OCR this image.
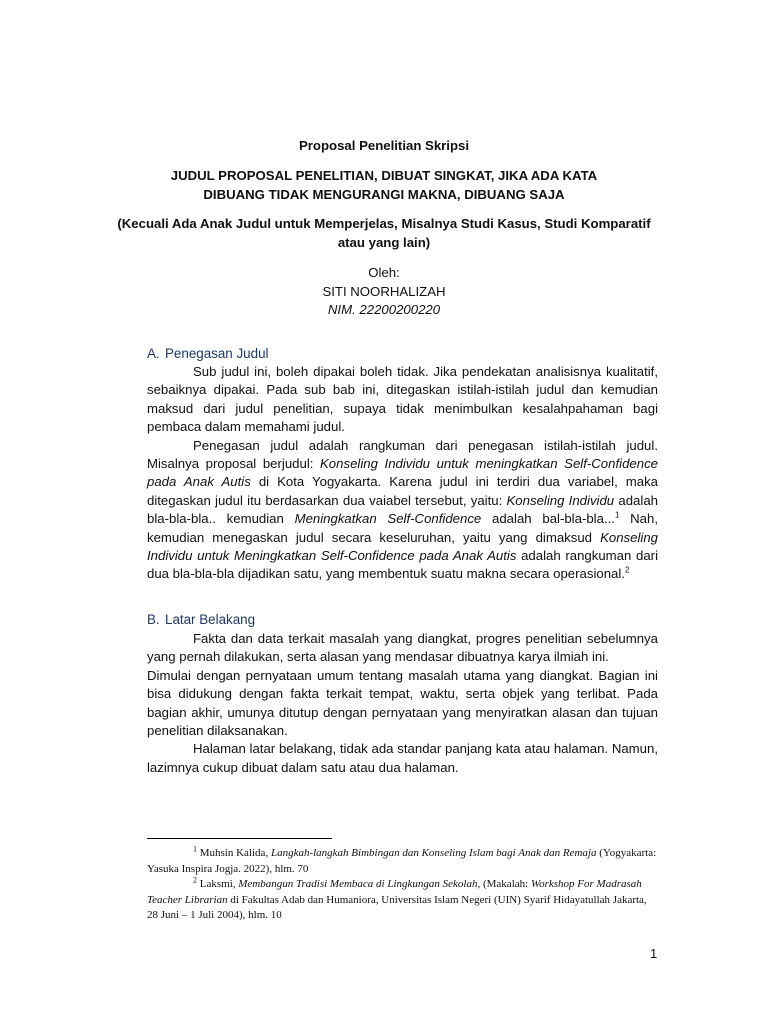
Proposal Penelitian Skripsi
JUDUL PROPOSAL PENELITIAN, DIBUAT SINGKAT, JIKA ADA KATA DIBUANG TIDAK MENGURANGI MAKNA, DIBUANG SAJA
(Kecuali Ada Anak Judul untuk Memperjelas, Misalnya Studi Kasus, Studi Komparatif atau yang lain)
Oleh:
SITI NOORHALIZAH
NIM. 22200200220
A. Penegasan Judul

Sub judul ini, boleh dipakai boleh tidak. Jika pendekatan analisisnya kualitatif, sebaiknya dipakai. Pada sub bab ini, ditegaskan istilah-istilah judul dan kemudian maksud dari judul penelitian, supaya tidak menimbulkan kesalahpahaman bagi pembaca dalam memahami judul.

Penegasan judul adalah rangkuman dari penegasan istilah-istilah judul. Misalnya proposal berjudul: Konseling Individu untuk meningkatkan Self-Confidence pada Anak Autis di Kota Yogyakarta. Karena judul ini terdiri dua variabel, maka ditegaskan judul itu berdasarkan dua vaiabel tersebut, yaitu: Konseling Individu adalah bla-bla-bla.. kemudian Meningkatkan Self-Confidence adalah bal-bla-bla...$^1$ Nah, kemudian menegaskan judul secara keseluruhan, yaitu yang dimaksud Konseling Individu untuk Meningkatkan Self-Confidence pada Anak Autis adalah rangkuman dari dua bla-bla-bla dijadikan satu, yang membentuk suatu makna secara operasional.$^2$

B. Latar Belakang

Fakta dan data terkait masalah yang diangkat, progres penelitian sebelumnya yang pernah dilakukan, serta alasan yang mendasar dibuatnya karya ilmiah ini.

Dimulai dengan pernyataan umum tentang masalah utama yang diangkat. Bagian ini bisa didukung dengan fakta terkait tempat, waktu, serta objek yang terlibat. Pada bagian akhir, umunya ditutup dengan pernyataan yang menyiratkan alasan dan tujuan penelitian dilaksanakan.

Halaman latar belakang, tidak ada standar panjang kata atau halaman. Namun, lazimnya cukup dibuat dalam satu atau dua halaman.

$^1$ Muhsin Kalida, Langkah-langkah Bimbingan dan Konseling Islam bagi Anak dan Remaja (Yogyakarta: Yasuka Inspira Jogja. 2022), hlm. 70

$^2$ Laksmi, Membangun Tradisi Membaca di Lingkungan Sekolah, (Makalah: Workshop For Madrasah Teacher Librarian di Fakultas Adab dan Humaniora, Universitas Islam Negeri (UIN) Syarif Hidayatullah Jakarta, 28 Juni – 1 Juli 2004), hlm. 10

1
